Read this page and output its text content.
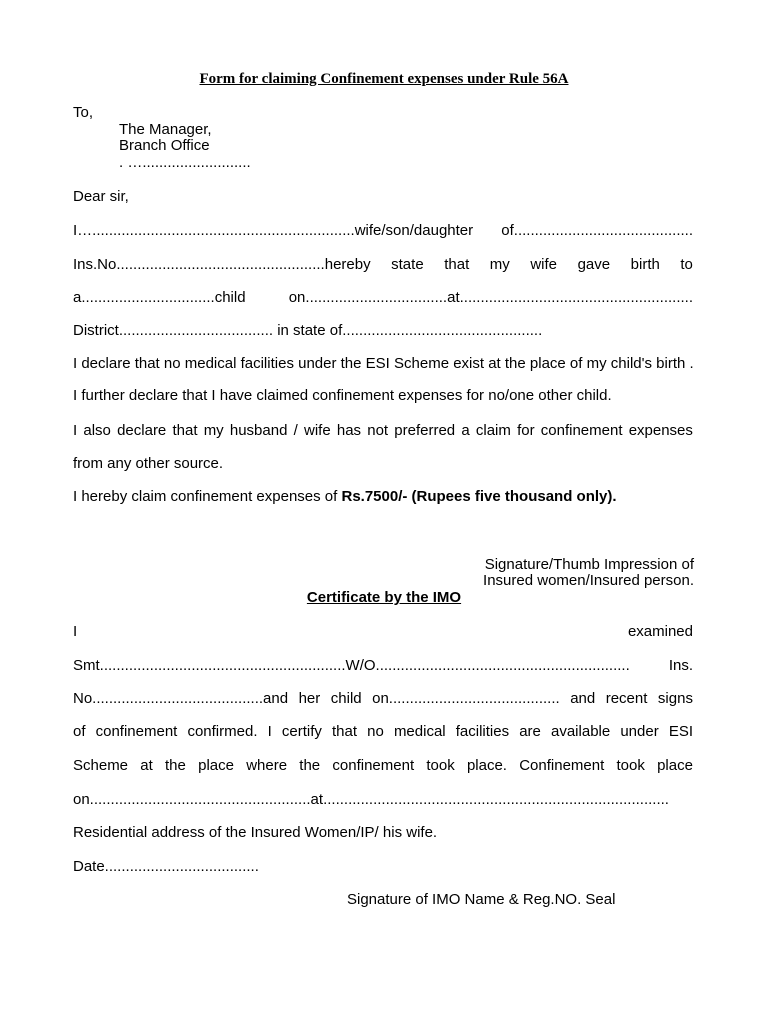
Form for claiming Confinement expenses under Rule 56A
To,
The Manager,
Branch Office
. …..........................
Dear sir,
I…...............................................................wife/son/daughter of...........................................
Ins.No..................................................hereby state that my wife gave birth to
a................................child	on..................................at........................................................
District..................................... in state of................................................
I declare that no medical facilities under the ESI Scheme exist at the place of my child's birth .
I further declare that I have claimed confinement expenses for no/one other child.
I also declare that my husband / wife has not preferred a claim for confinement expenses
from any other source.
I hereby claim confinement expenses of Rs.7500/- (Rupees five thousand only).
Signature/Thumb Impression of
Insured women/Insured person.
Certificate by the IMO
I	examined
Smt...........................................................W/O.............................................................	Ins.
No.........................................and her child on......................................... and recent signs
of confinement confirmed. I certify that no medical facilities are available under ESI
Scheme at the place where the confinement took place. Confinement took place
on.....................................................at...................................................................................
Residential address of the Insured Women/IP/ his wife.
Date.....................................
Signature of IMO Name & Reg.NO. Seal
